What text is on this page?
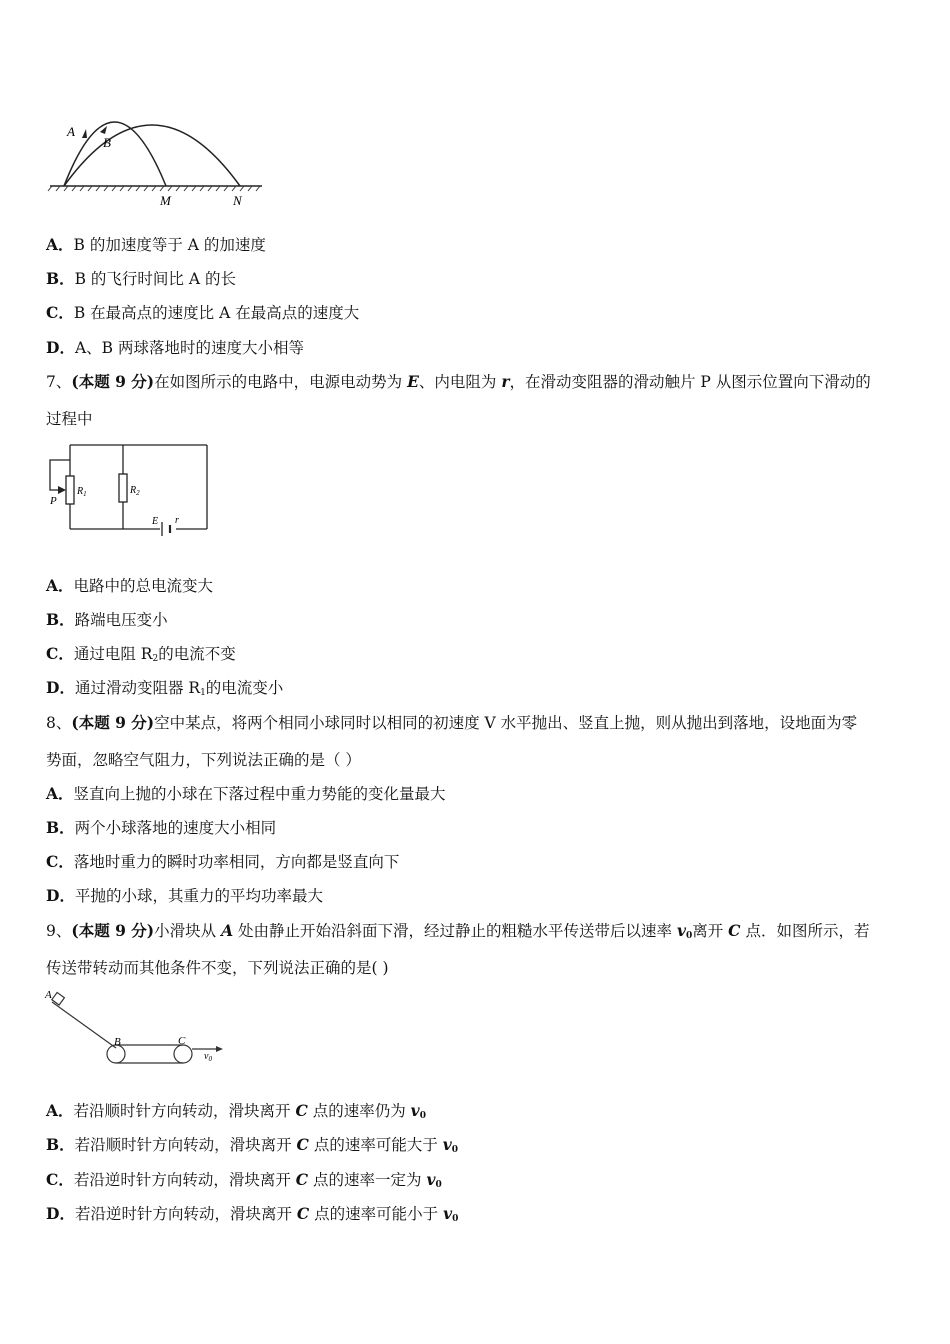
A
B
M	N
A．B 的加速度等于 A 的加速度
B．B 的飞行时间比 A 的长
C．B 在最高点的速度比 A 在最高点的速度大
D．A、B 两球落地时的速度大小相等
7、(本题 9 分)在如图所示的电路中，电源电动势为 E、内电阻为 r，在滑动变阻器的滑动触片 P 从图示位置向下滑动的
过程中
P
$R_1$	$R_2$
E r
A．电路中的总电流变大
B．路端电压变小
C．通过电阻 $R_2$的电流不变
D．通过滑动变阻器 $R_1$的电流变小
8、(本题 9 分)空中某点，将两个相同小球同时以相同的初速度 V 水平抛出、竖直上抛，则从抛出到落地，设地面为零
势面，忽略空气阻力，下列说法正确的是（ ）
A．竖直向上抛的小球在下落过程中重力势能的变化量最大
B．两个小球落地的速度大小相同
C．落地时重力的瞬时功率相同，方向都是竖直向下
D．平抛的小球，其重力的平均功率最大
9、(本题 9 分)小滑块从 A 处由静止开始沿斜面下滑，经过静止的粗糙水平传送带后以速率 $v_0$离开 C 点．如图所示，若
传送带转动而其他条件不变，下列说法正确的是( )
A
B	C
$v_0$
A．若沿顺时针方向转动，滑块离开 C 点的速率仍为 $v_0$
B．若沿顺时针方向转动，滑块离开 C 点的速率可能大于 $v_0$
C．若沿逆时针方向转动，滑块离开 C 点的速率一定为 $v_0$
D．若沿逆时针方向转动，滑块离开 C 点的速率可能小于 $v_0$
